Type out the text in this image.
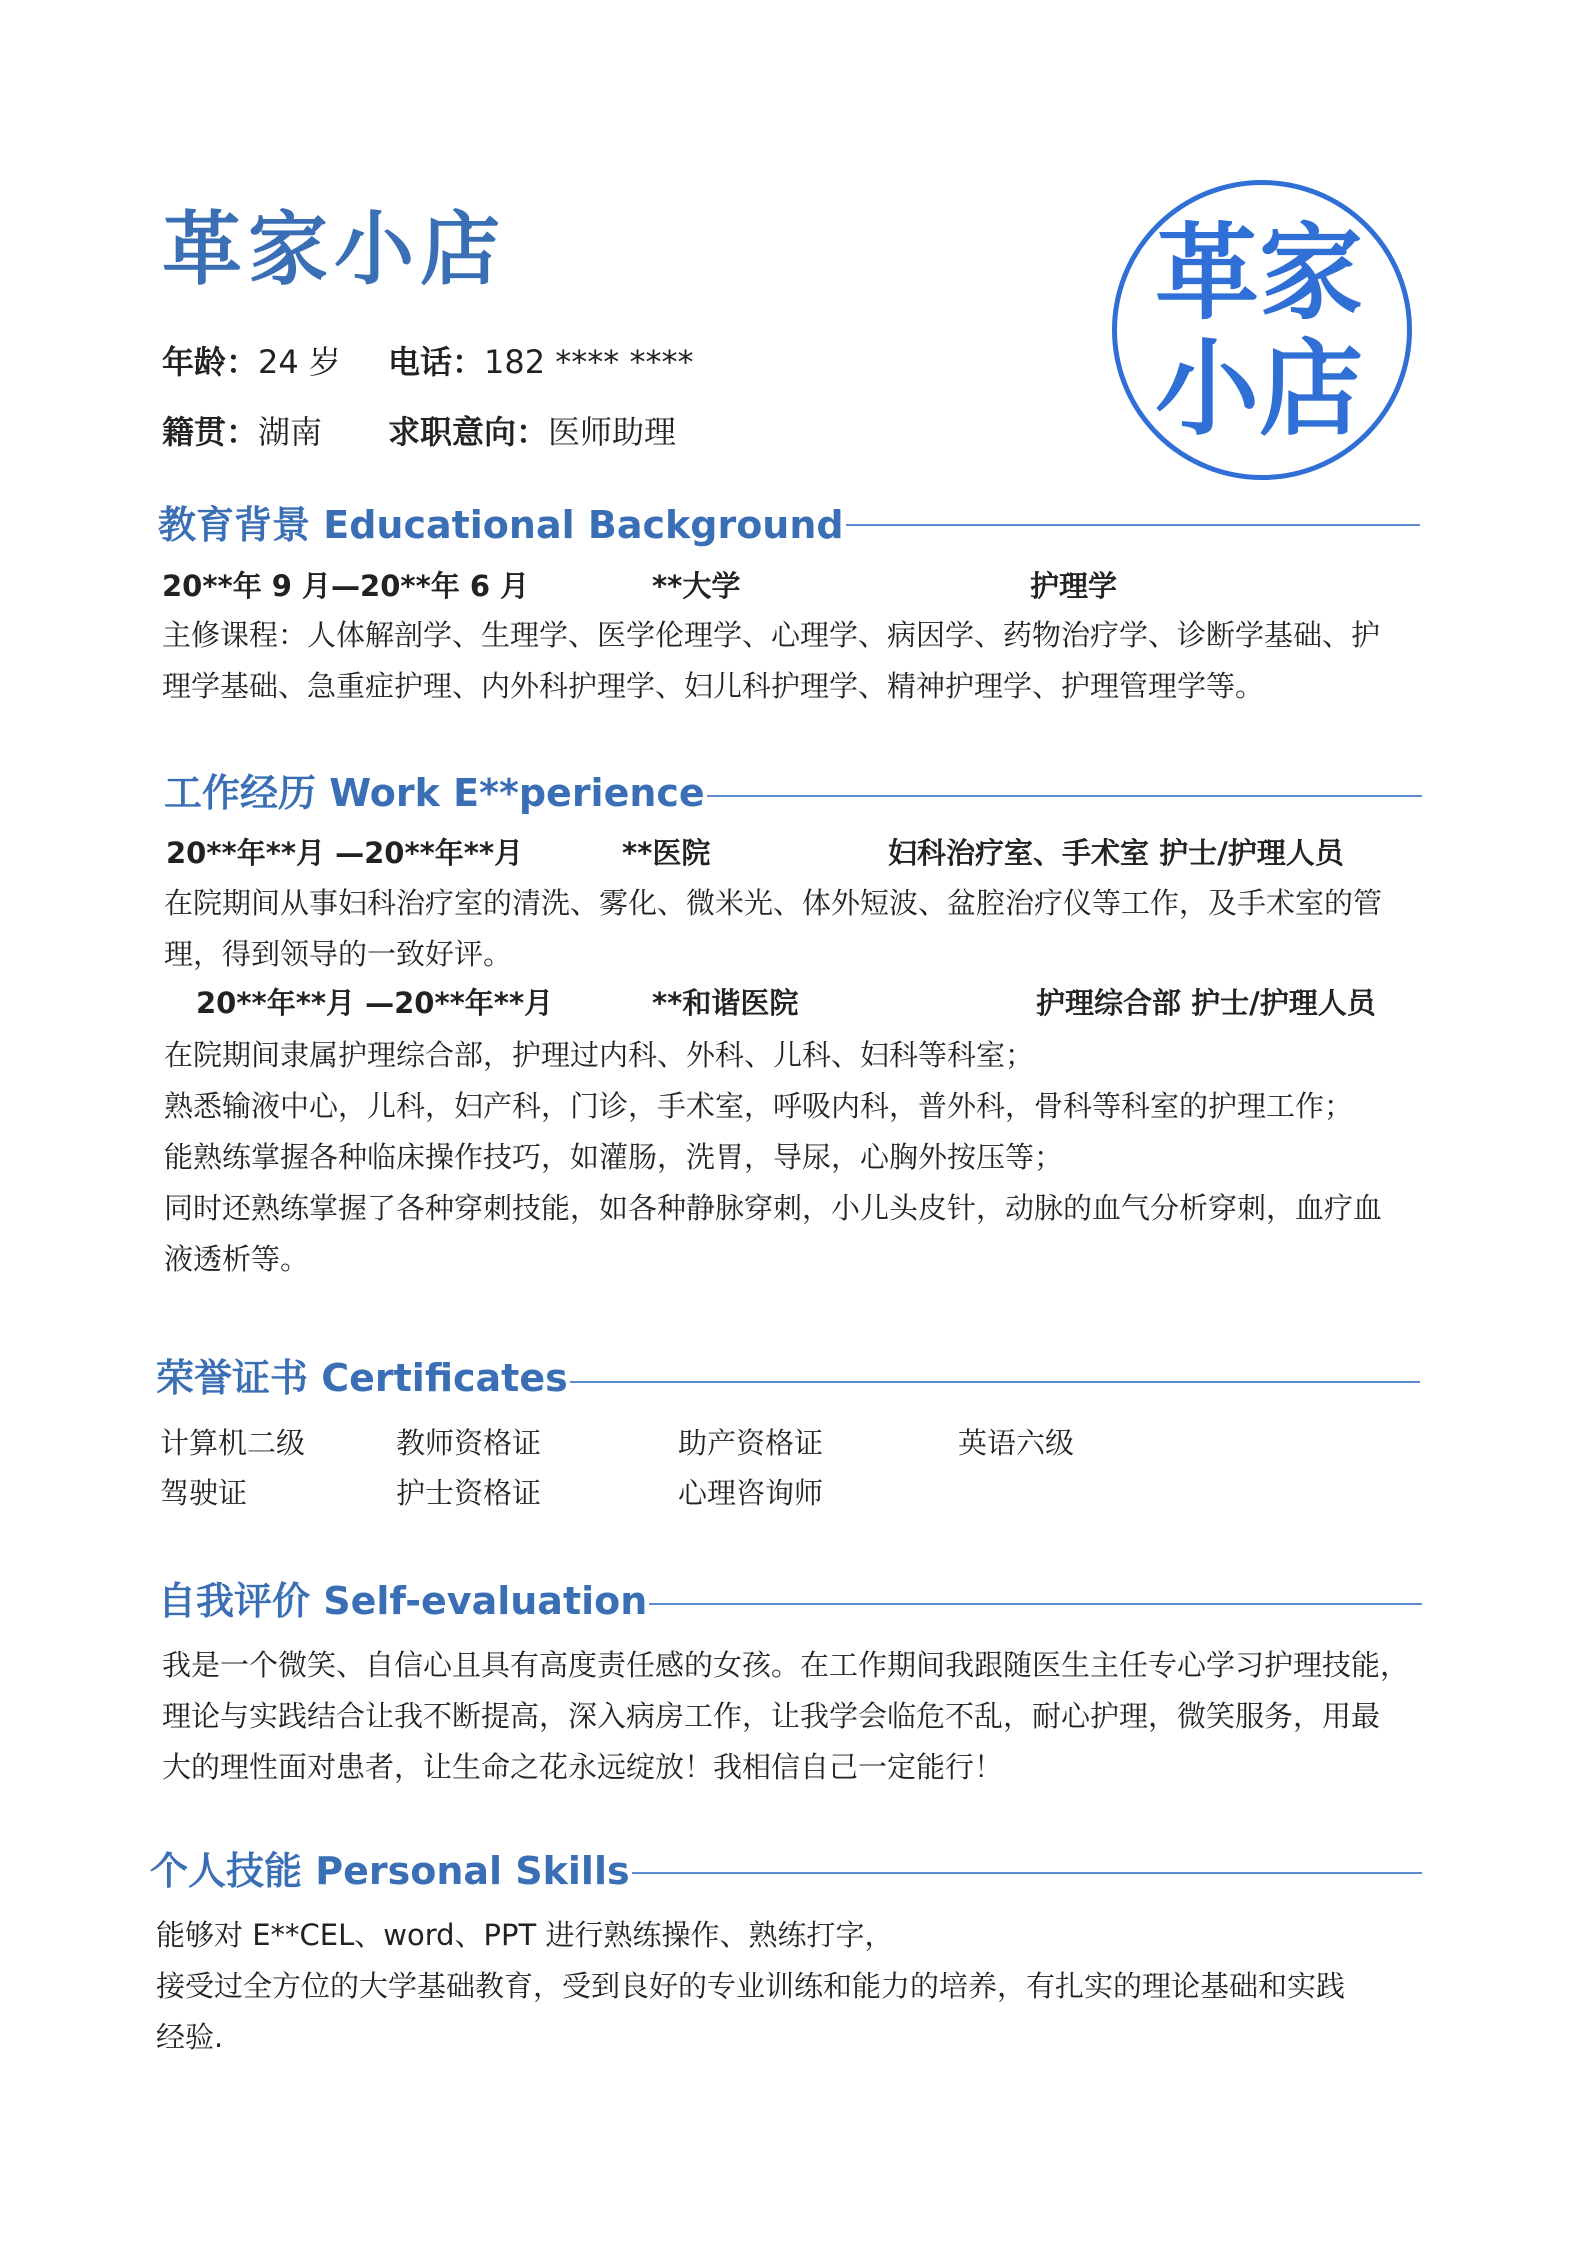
革家小店
年龄：24 岁 电话：182 **** ****
籍贯：湖南 求职意向：医师助理
革家
小店
教育背景 Educational Background
20**年 9 月—20**年 6 月	**大学	护理学
主修课程：人体解剖学、生理学、医学伦理学、心理学、病因学、药物治疗学、诊断学基础、护
理学基础、急重症护理、内外科护理学、妇儿科护理学、精神护理学、护理管理学等。
工作经历 Work E**perience
20**年**月 —20**年**月	**医院	妇科治疗室、手术室 护士/护理人员
在院期间从事妇科治疗室的清洗、雾化、微米光、体外短波、盆腔治疗仪等工作，及手术室的管
理，得到领导的一致好评。
20**年**月 —20**年**月	**和谐医院	护理综合部 护士/护理人员
在院期间隶属护理综合部，护理过内科、外科、儿科、妇科等科室；
熟悉输液中心，儿科，妇产科，门诊，手术室，呼吸内科，普外科，骨科等科室的护理工作；
能熟练掌握各种临床操作技巧，如灌肠，洗胃，导尿，心胸外按压等；
同时还熟练掌握了各种穿刺技能，如各种静脉穿刺，小儿头皮针，动脉的血气分析穿刺，血疗血
液透析等。
荣誉证书 Certificates
计算机二级	教师资格证	助产资格证	英语六级
驾驶证	护士资格证	心理咨询师
自我评价 Self-evaluation
我是一个微笑、自信心且具有高度责任感的女孩。在工作期间我跟随医生主任专心学习护理技能，
理论与实践结合让我不断提高，深入病房工作，让我学会临危不乱，耐心护理，微笑服务，用最
大的理性面对患者，让生命之花永远绽放！我相信自己一定能行！
个人技能 Personal Skills
能够对 E**CEL、word、PPT 进行熟练操作、熟练打字，
接受过全方位的大学基础教育，受到良好的专业训练和能力的培养，有扎实的理论基础和实践
经验.
